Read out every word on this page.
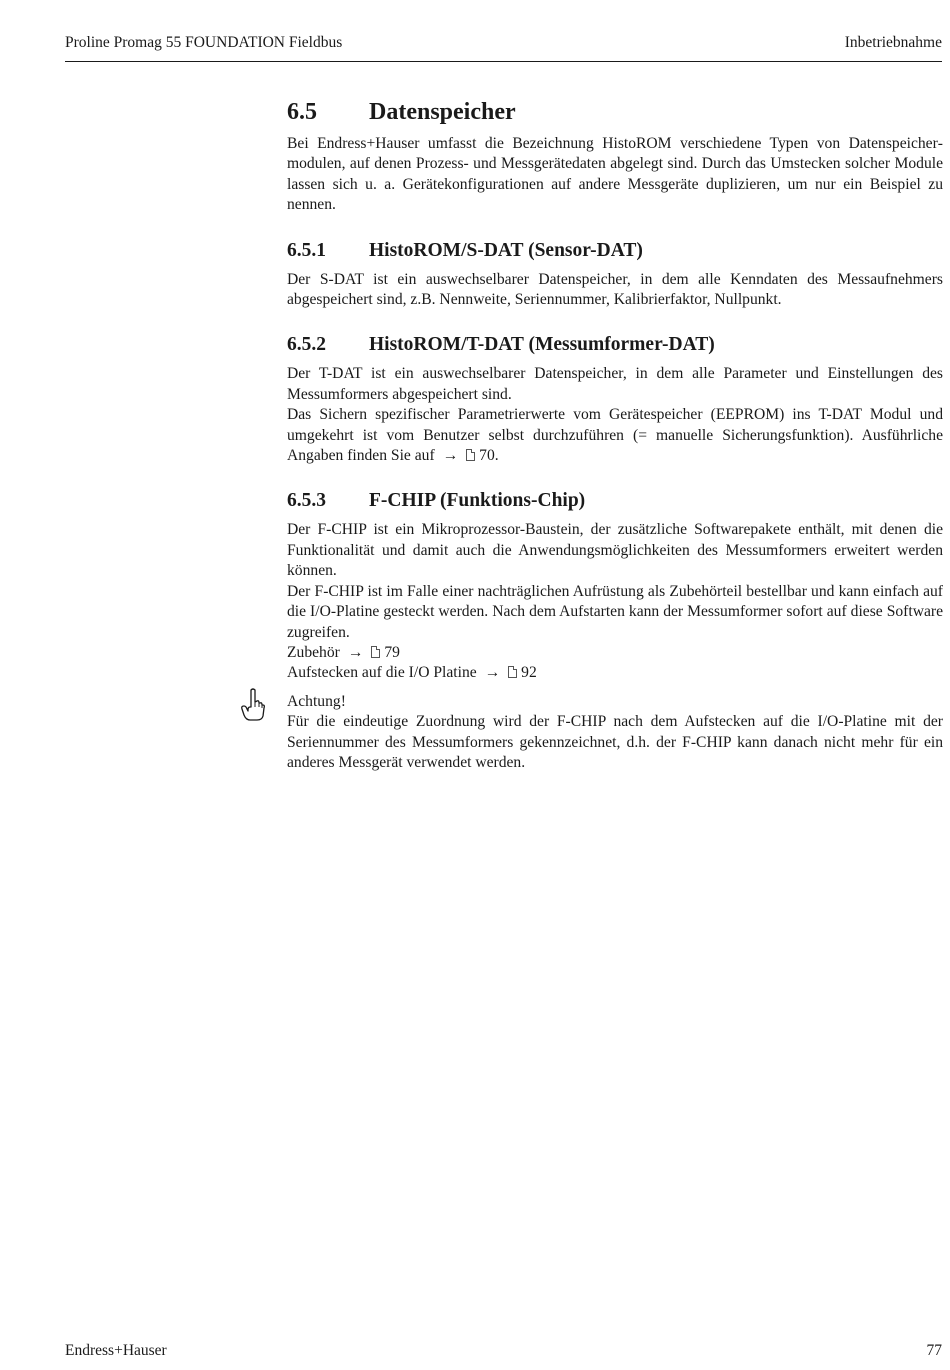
Proline Promag 55 FOUNDATION Fieldbus	Inbetriebnahme
6.5	Datenspeicher

Bei Endress+Hauser umfasst die Bezeichnung HistoROM verschiedene Typen von Datenspeichermodulen, auf denen Prozess- und Messgerätedaten abgelegt sind. Durch das Umstecken solcher Module lassen sich u. a. Gerätekonfigurationen auf andere Messgeräte duplizieren, um nur ein Beispiel zu nennen.

6.5.1	HistoROM/S-DAT (Sensor-DAT)

Der S-DAT ist ein auswechselbarer Datenspeicher, in dem alle Kenndaten des Messaufnehmers abgespeichert sind, z.B. Nennweite, Seriennummer, Kalibrierfaktor, Nullpunkt.

6.5.2	HistoROM/T-DAT (Messumformer-DAT)

Der T-DAT ist ein auswechselbarer Datenspeicher, in dem alle Parameter und Einstellungen des Messumformers abgespeichert sind.

Das Sichern spezifischer Parametrierwerte vom Gerätespeicher (EEPROM) ins T-DAT Modul und umgekehrt ist vom Benutzer selbst durchzuführen (= manuelle Sicherungsfunktion). Ausführliche Angaben finden Sie auf → 70.

6.5.3	F-CHIP (Funktions-Chip)

Der F-CHIP ist ein Mikroprozessor-Baustein, der zusätzliche Softwarepakete enthält, mit denen die Funktionalität und damit auch die Anwendungsmöglichkeiten des Messumformers erweitert werden können.

Der F-CHIP ist im Falle einer nachträglichen Aufrüstung als Zubehörteil bestellbar und kann einfach auf die I/O-Platine gesteckt werden. Nach dem Aufstarten kann der Messumformer sofort auf diese Software zugreifen.

Zubehör → 79

Aufstecken auf die I/O Platine → 92

Achtung!

Für die eindeutige Zuordnung wird der F-CHIP nach dem Aufstecken auf die I/O-Platine mit der Seriennummer des Messumformers gekennzeichnet, d.h. der F-CHIP kann danach nicht mehr für ein anderes Messgerät verwendet werden.

Endress+Hauser	77
